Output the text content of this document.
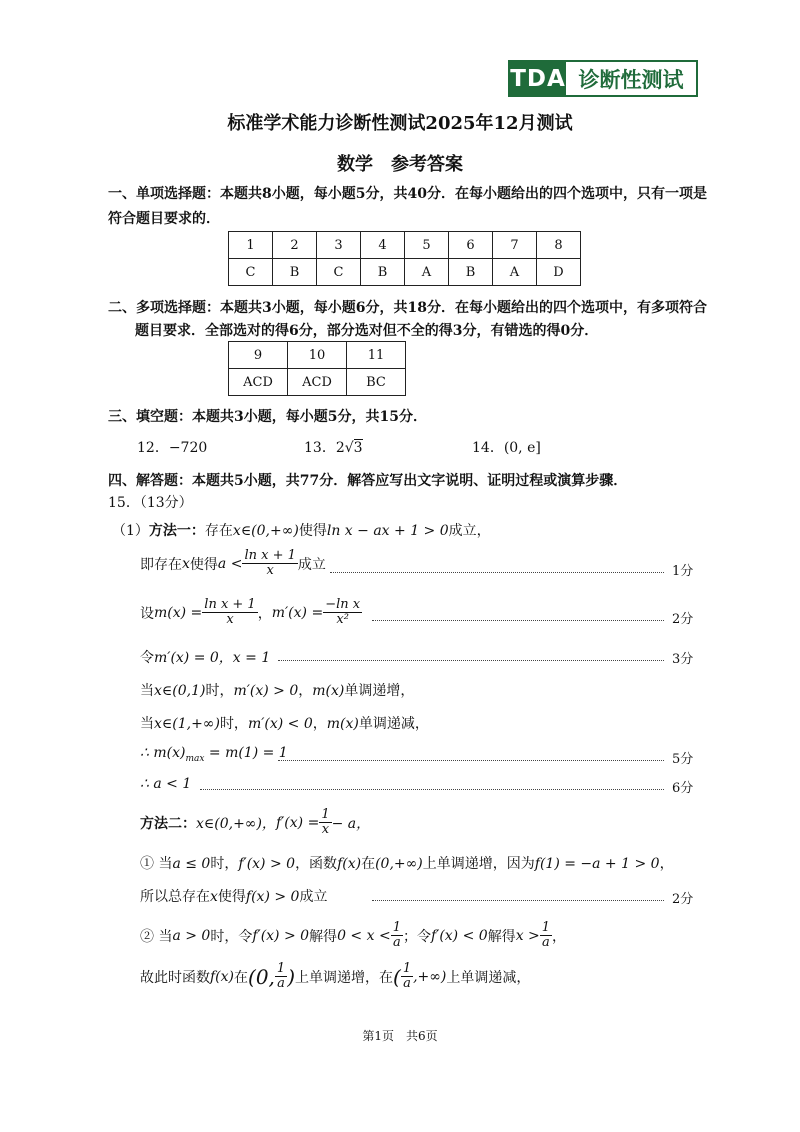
TDA 诊断性测试
标准学术能力诊断性测试2025年12月测试
数学　参考答案
一、单项选择题：本题共8小题，每小题5分，共40分．在每小题给出的四个选项中，只有一项是
符合题目要求的．
1	2	3	4	5	6	7	8
C	B	C	B	A	B	A	D
二、多项选择题：本题共3小题，每小题6分，共18分．在每小题给出的四个选项中，有多项符合
题目要求．全部选对的得6分，部分选对但不全的得3分，有错选的得0分．
9	10	11
ACD	ACD	BC
三、填空题：本题共3小题，每小题5分，共15分．
12．−720	13．2√3	14．(0, e]
四、解答题：本题共5小题，共77分．解答应写出文字说明、证明过程或演算步骤．
15．（13分）
（1）方法一：存在x∈(0,+∞)使得ln x − ax + 1 > 0成立，
即存在 x 使得 $a < \frac{\text{ln x + 1}}{x}$ 成立	1分
设 $m(x) = \frac{\text{ln x + 1}}{x}$ ， $m'(x) = \frac{\text{−ln x}}{\text{x²}}$	2分
令m′(x) = 0，x = 1	3分
当x∈(0,1)时，m′(x) > 0，m(x)单调递增，
当x∈(1,+∞)时，m′(x) < 0，m(x)单调递减，
∴ $m(x)_{max} = m(1) = 1$	5分
∴ a < 1	6分
方法二： x∈(0,+∞)， $f'(x) = \frac{1}{x} - a$，
① 当a ≤ 0时，f′(x) > 0，函数f(x)在(0,+∞)上单调递增，因为f(1) = −a + 1 > 0，
所以总存在x使得f(x) > 0成立	2分
② 当 a > 0 时，令 f′(x) > 0 解得 $0 < x < \frac{1}{a}$ ；令 f′(x) < 0 解得 $x > \frac{1}{a}$ ，
故此时函数 f(x) 在 (0, $\frac{1}{a}$ ) 上单调递增，在 ( $\frac{1}{a}$ ,+∞) 上单调递减，
第1页　共6页
